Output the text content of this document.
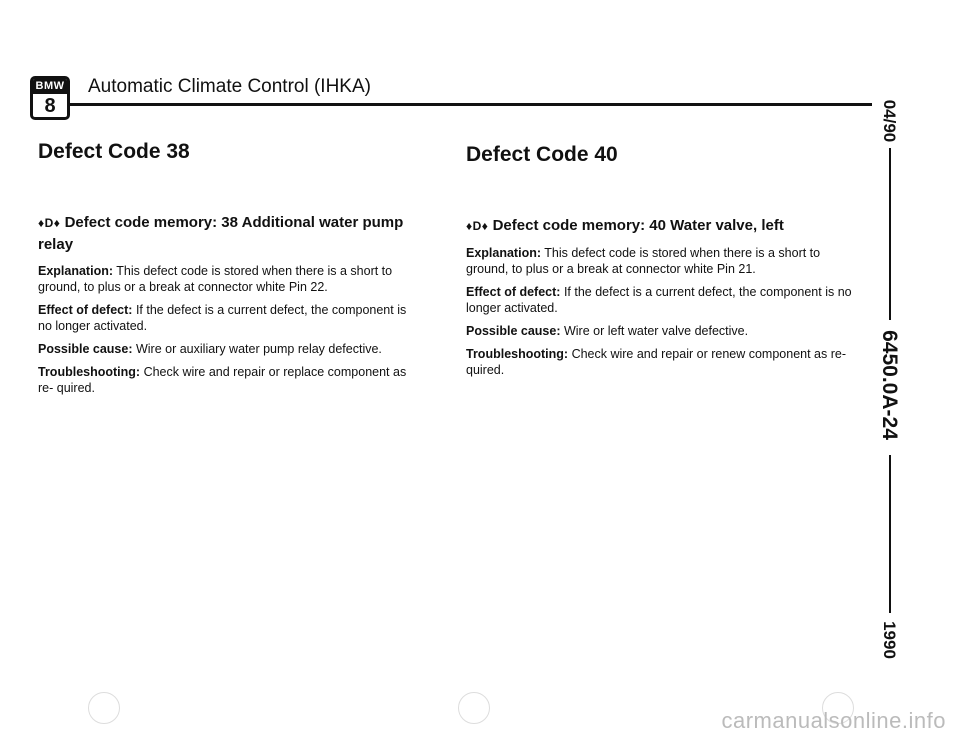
BMW
8
Automatic Climate Control (IHKA)
Defect Code 38	Defect Code 40
♦D♦ Defect code memory: 38 Additional water pump relay

Explanation: This defect code is stored when there is a short to ground, to plus or a break at connector white Pin 22.

Effect of defect: If the defect is a current defect, the component is no longer activated.

Possible cause: Wire or auxiliary water pump relay defective.

Troubleshooting: Check wire and repair or replace component as re- quired.

♦D♦ Defect code memory: 40 Water valve, left

Explanation: This defect code is stored when there is a short to ground, to plus or a break at connector white Pin 21.

Effect of defect: If the defect is a current defect, the component is no longer activated.

Possible cause: Wire or left water valve defective.

Troubleshooting: Check wire and repair or renew component as re- quired.

04/90
6450.0A-24
1990
carmanualsonline.info
